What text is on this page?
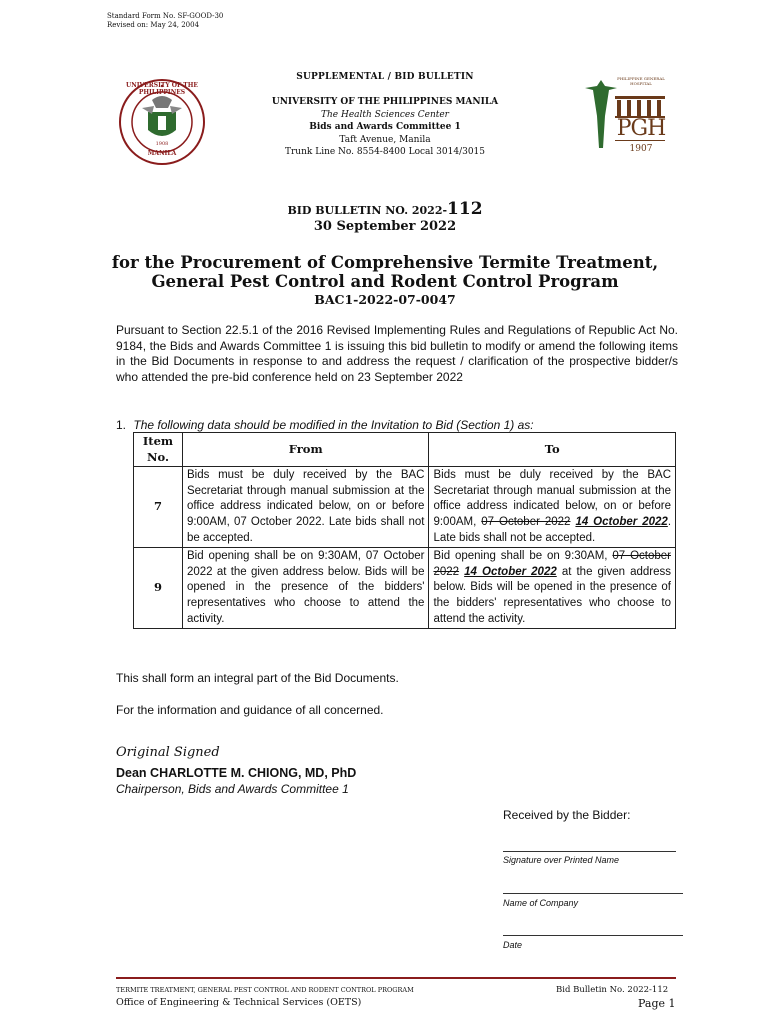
Standard Form No. SF-GOOD-30
Revised on: May 24, 2004
UNIVERSITY OF THE PHILIPPINES
MANILA
1908
SUPPLEMENTAL / BID BULLETIN
UNIVERSITY OF THE PHILIPPINES MANILA
The Health Sciences Center
Bids and Awards Committee 1
Taft Avenue, Manila
Trunk Line No. 8554-8400 Local 3014/3015
PHILIPPINE GENERAL HOSPITAL
PGH
1907
BID BULLETIN NO. 2022-112
30 September 2022
for the Procurement of Comprehensive Termite Treatment,
General Pest Control and Rodent Control Program
BAC1-2022-07-0047
Pursuant to Section 22.5.1 of the 2016 Revised Implementing Rules and Regulations of Republic Act No. 9184, the Bids and Awards Committee 1 is issuing this bid bulletin to modify or amend the following items in the Bid Documents in response to and address the request / clarification of the prospective bidder/s who attended the pre-bid conference held on 23 September 2022
1. The following data should be modified in the Invitation to Bid (Section 1) as:
Item No.	From	To
7	Bids must be duly received by the BAC Secretariat through manual submission at the office address indicated below, on or before 9:00AM, 07 October 2022. Late bids shall not be accepted.	Bids must be duly received by the BAC Secretariat through manual submission at the office address indicated below, on or before 9:00AM, 07 October 2022 14 October 2022. Late bids shall not be accepted.
9	Bid opening shall be on 9:30AM, 07 October 2022 at the given address below. Bids will be opened in the presence of the bidders' representatives who choose to attend the activity.	Bid opening shall be on 9:30AM, 07 October 2022 14 October 2022 at the given address below. Bids will be opened in the presence of the bidders' representatives who choose to attend the activity.
This shall form an integral part of the Bid Documents.
For the information and guidance of all concerned.
Original Signed
Dean CHARLOTTE M. CHIONG, MD, PhD
Chairperson, Bids and Awards Committee 1
Received by the Bidder:
Signature over Printed Name
Name of Company
Date
TERMITE TREATMENT, GENERAL PEST CONTROL AND RODENT CONTROL PROGRAM
Office of Engineering & Technical Services (OETS)
Bid Bulletin No. 2022-112
Page 1
